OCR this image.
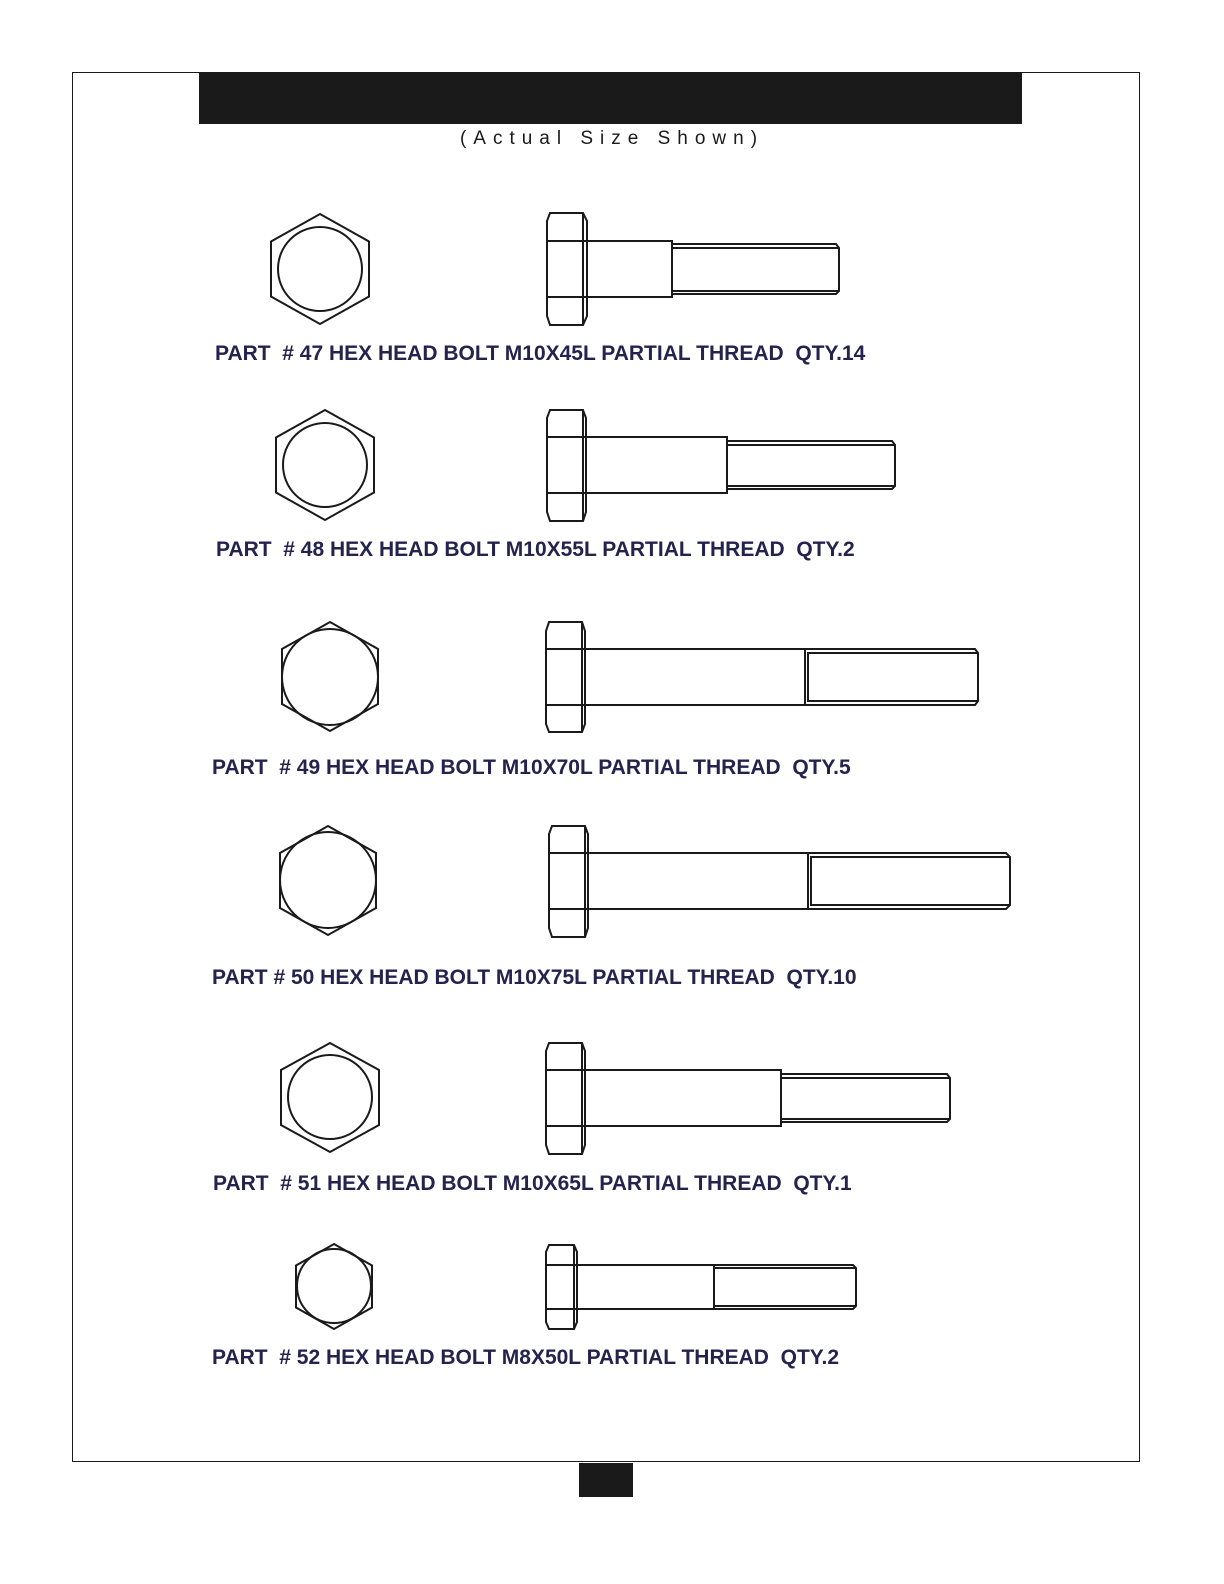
(Actual Size Shown)
PART  # 47 HEX HEAD BOLT M10X45L PARTIAL THREAD  QTY.14
PART  # 48 HEX HEAD BOLT M10X55L PARTIAL THREAD  QTY.2
PART  # 49 HEX HEAD BOLT M10X70L PARTIAL THREAD  QTY.5
PART # 50 HEX HEAD BOLT M10X75L PARTIAL THREAD  QTY.10
PART  # 51 HEX HEAD BOLT M10X65L PARTIAL THREAD  QTY.1
PART  # 52 HEX HEAD BOLT M8X50L PARTIAL THREAD  QTY.2
